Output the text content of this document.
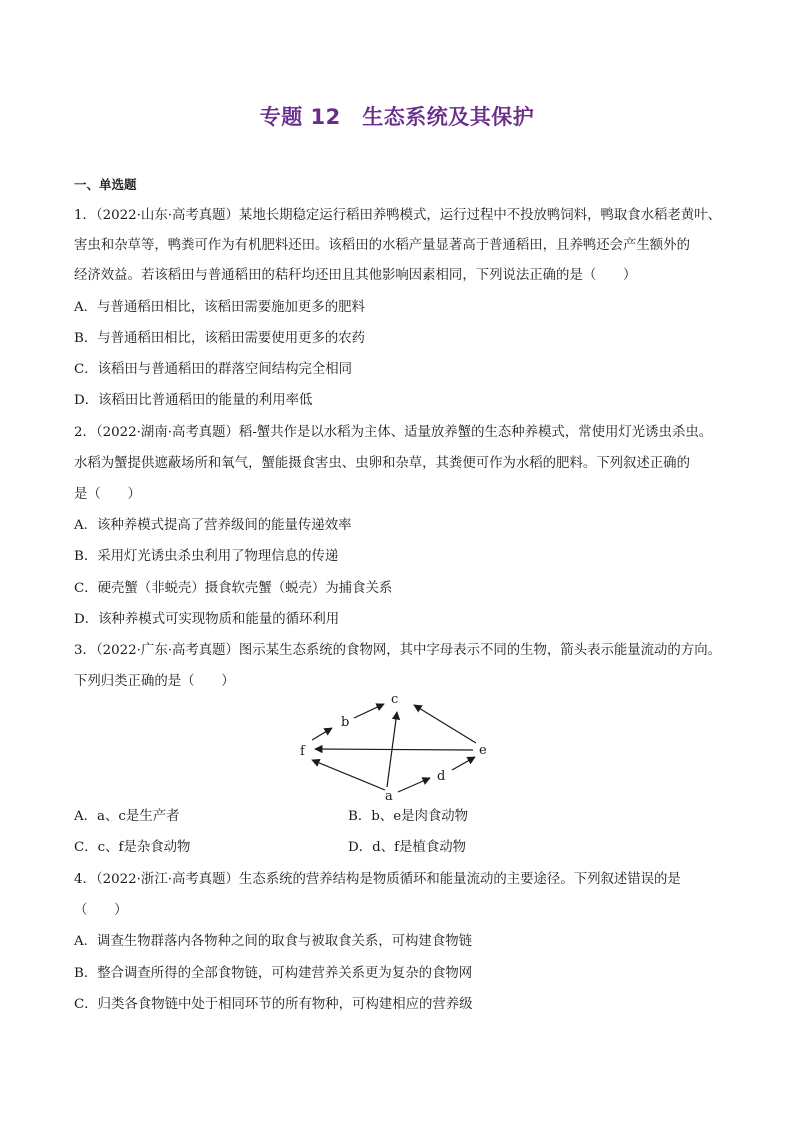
专题 12　生态系统及其保护
一、单选题
1．（2022·山东·高考真题）某地长期稳定运行稻田养鸭模式，运行过程中不投放鸭饲料，鸭取食水稻老黄叶、
害虫和杂草等，鸭粪可作为有机肥料还田。该稻田的水稻产量显著高于普通稻田，且养鸭还会产生额外的
经济效益。若该稻田与普通稻田的秸秆均还田且其他影响因素相同，下列说法正确的是（　　）
A．与普通稻田相比，该稻田需要施加更多的肥料
B．与普通稻田相比，该稻田需要使用更多的农药
C．该稻田与普通稻田的群落空间结构完全相同
D．该稻田比普通稻田的能量的利用率低
2．（2022·湖南·高考真题）稻-蟹共作是以水稻为主体、适量放养蟹的生态种养模式，常使用灯光诱虫杀虫。
水稻为蟹提供遮蔽场所和氧气，蟹能摄食害虫、虫卵和杂草，其粪便可作为水稻的肥料。下列叙述正确的
是（　　）
A．该种养模式提高了营养级间的能量传递效率
B．采用灯光诱虫杀虫利用了物理信息的传递
C．硬壳蟹（非蜕壳）摄食软壳蟹（蜕壳）为捕食关系
D．该种养模式可实现物质和能量的循环利用
3．（2022·广东·高考真题）图示某生态系统的食物网，其中字母表示不同的生物，箭头表示能量流动的方向。
下列归类正确的是（　　）
c
b
f	e
d
a
A．a、c是生产者	B．b、e是肉食动物
C．c、f是杂食动物	D．d、f是植食动物
4．（2022·浙江·高考真题）生态系统的营养结构是物质循环和能量流动的主要途径。下列叙述错误的是
（　　）
A．调查生物群落内各物种之间的取食与被取食关系，可构建食物链
B．整合调查所得的全部食物链，可构建营养关系更为复杂的食物网
C．归类各食物链中处于相同环节的所有物种，可构建相应的营养级
